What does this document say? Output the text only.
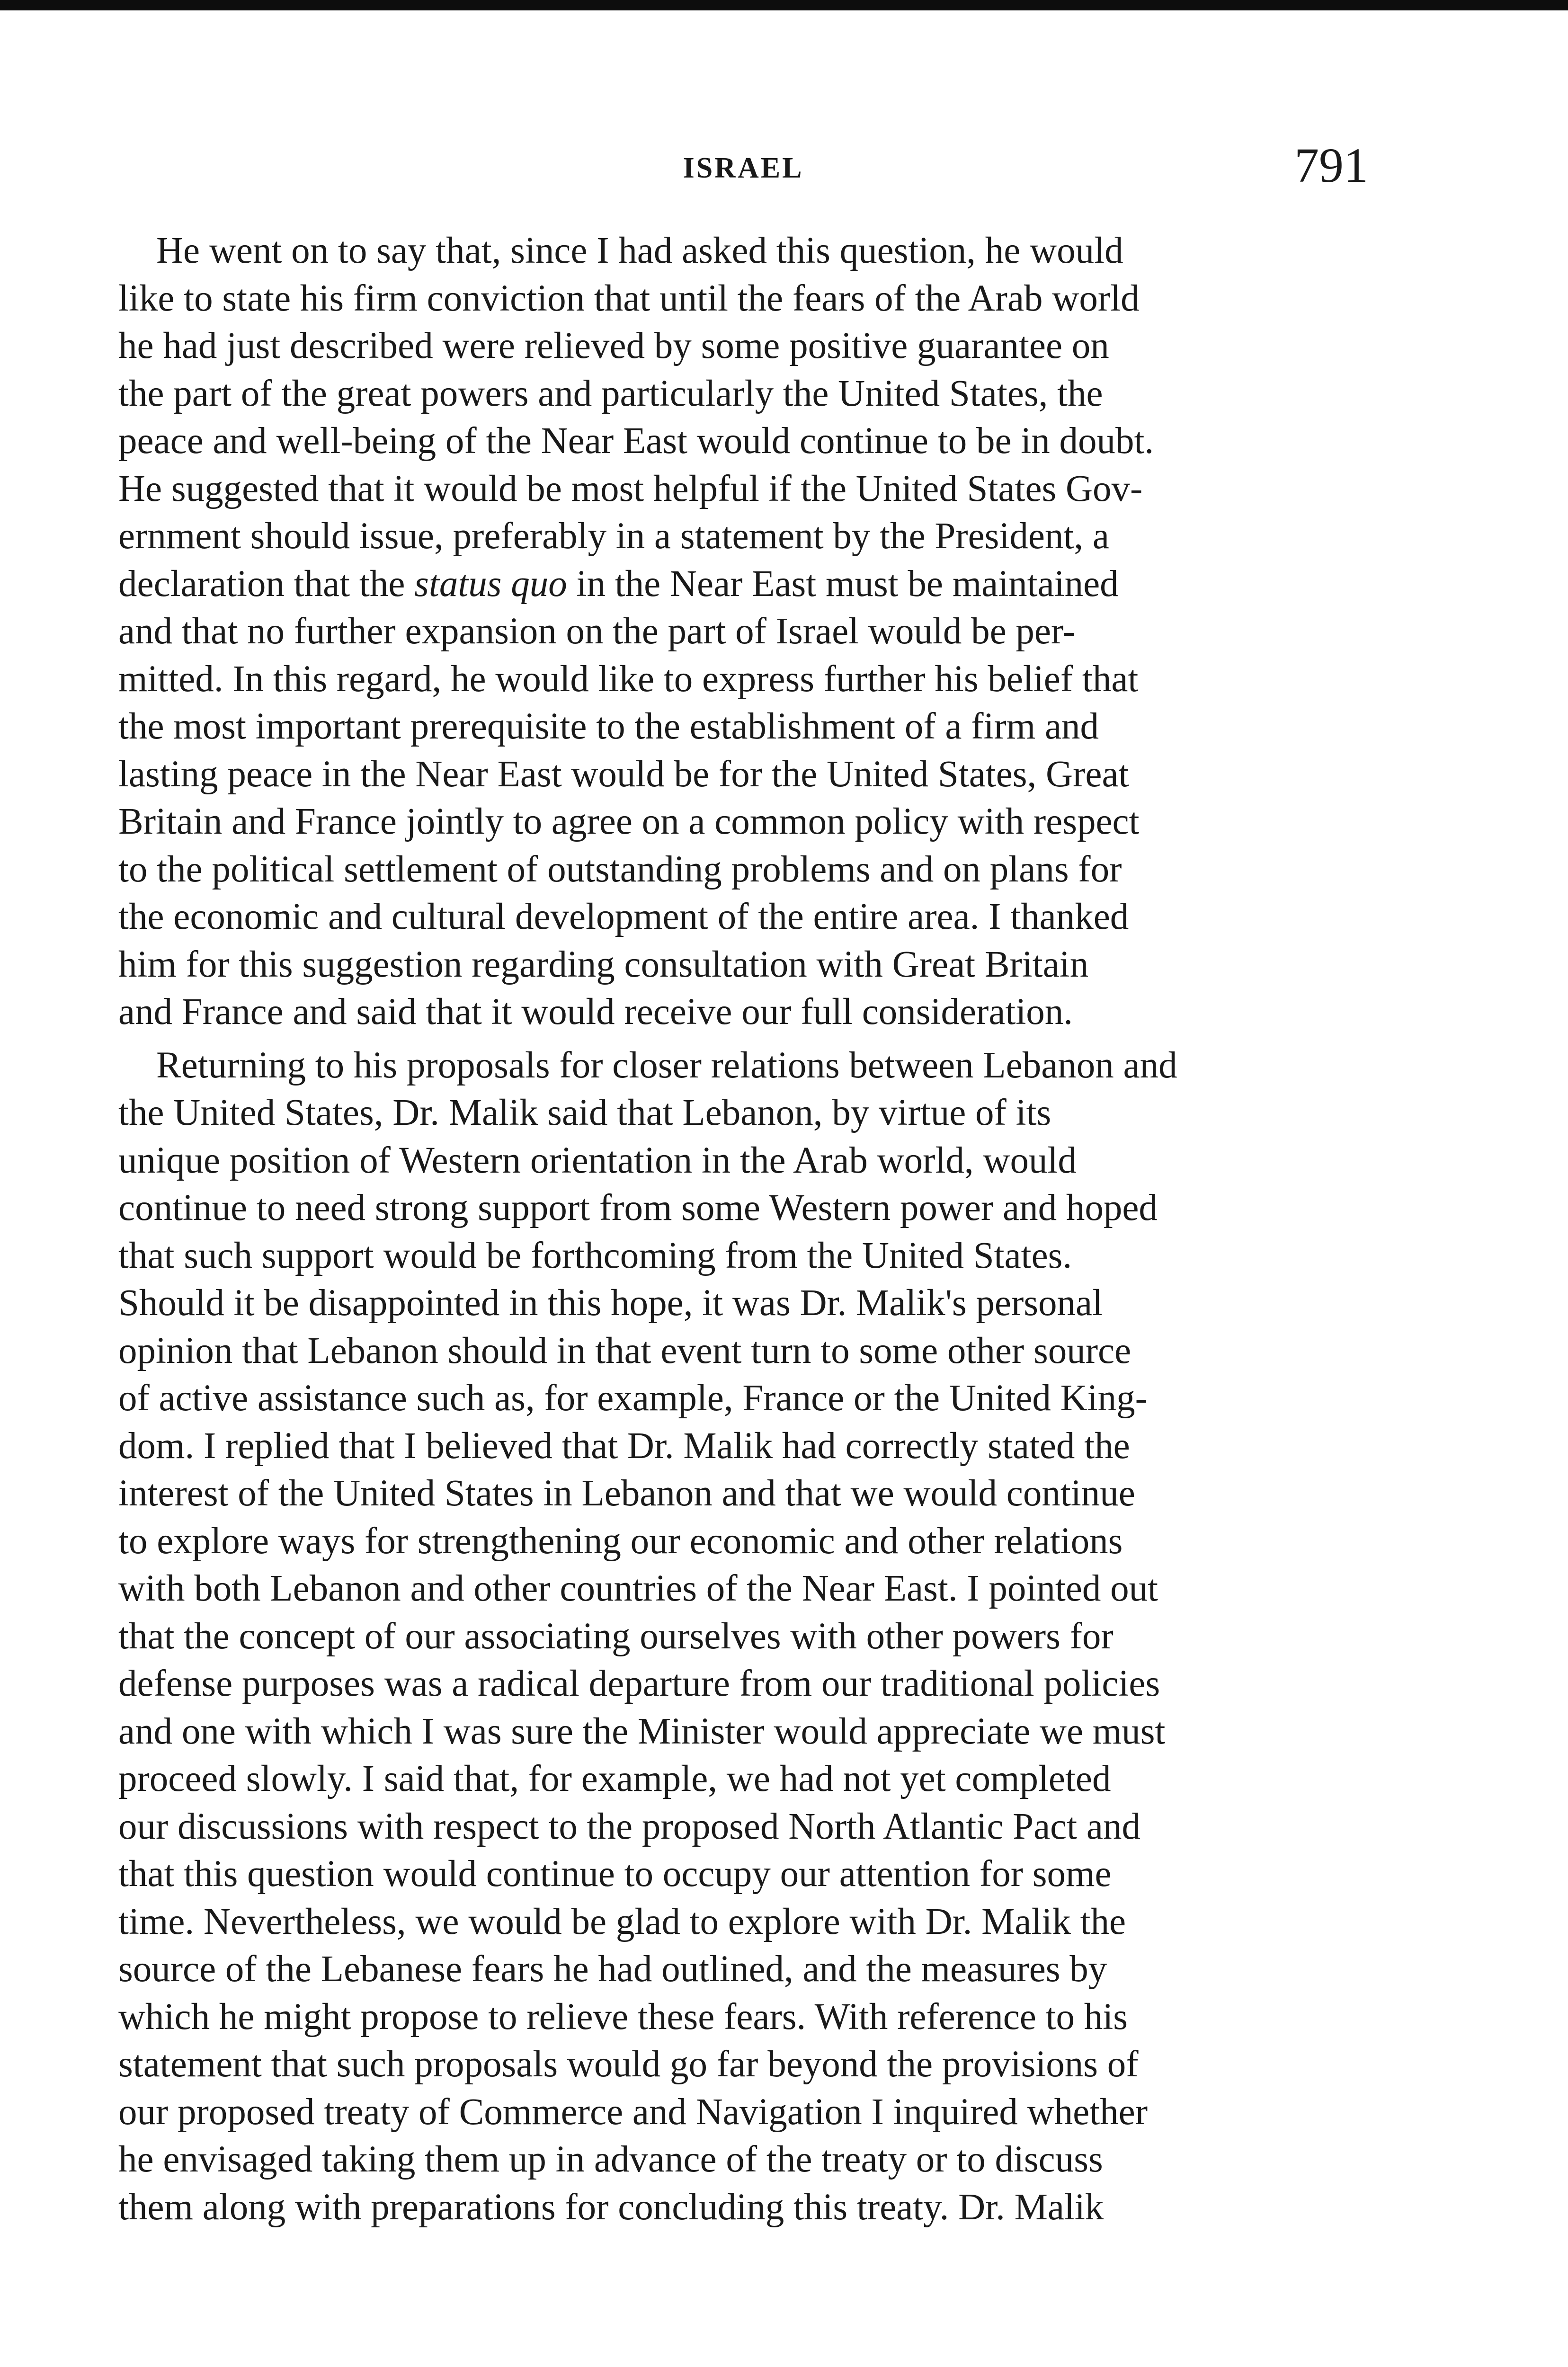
ISRAEL	791
He went on to say that, since I had asked this question, he would
like to state his firm conviction that until the fears of the Arab world
he had just described were relieved by some positive guarantee on
the part of the great powers and particularly the United States, the
peace and well-being of the Near East would continue to be in doubt.
He suggested that it would be most helpful if the United States Gov-
ernment should issue, preferably in a statement by the President, a
declaration that the status quo in the Near East must be maintained
and that no further expansion on the part of Israel would be per-
mitted. In this regard, he would like to express further his belief that
the most important prerequisite to the establishment of a firm and
lasting peace in the Near East would be for the United States, Great
Britain and France jointly to agree on a common policy with respect
to the political settlement of outstanding problems and on plans for
the economic and cultural development of the entire area. I thanked
him for this suggestion regarding consultation with Great Britain
and France and said that it would receive our full consideration.
Returning to his proposals for closer relations between Lebanon and
the United States, Dr. Malik said that Lebanon, by virtue of its
unique position of Western orientation in the Arab world, would
continue to need strong support from some Western power and hoped
that such support would be forthcoming from the United States.
Should it be disappointed in this hope, it was Dr. Malik's personal
opinion that Lebanon should in that event turn to some other source
of active assistance such as, for example, France or the United King-
dom. I replied that I believed that Dr. Malik had correctly stated the
interest of the United States in Lebanon and that we would continue
to explore ways for strengthening our economic and other relations
with both Lebanon and other countries of the Near East. I pointed out
that the concept of our associating ourselves with other powers for
defense purposes was a radical departure from our traditional policies
and one with which I was sure the Minister would appreciate we must
proceed slowly. I said that, for example, we had not yet completed
our discussions with respect to the proposed North Atlantic Pact and
that this question would continue to occupy our attention for some
time. Nevertheless, we would be glad to explore with Dr. Malik the
source of the Lebanese fears he had outlined, and the measures by
which he might propose to relieve these fears. With reference to his
statement that such proposals would go far beyond the provisions of
our proposed treaty of Commerce and Navigation I inquired whether
he envisaged taking them up in advance of the treaty or to discuss
them along with preparations for concluding this treaty. Dr. Malik
